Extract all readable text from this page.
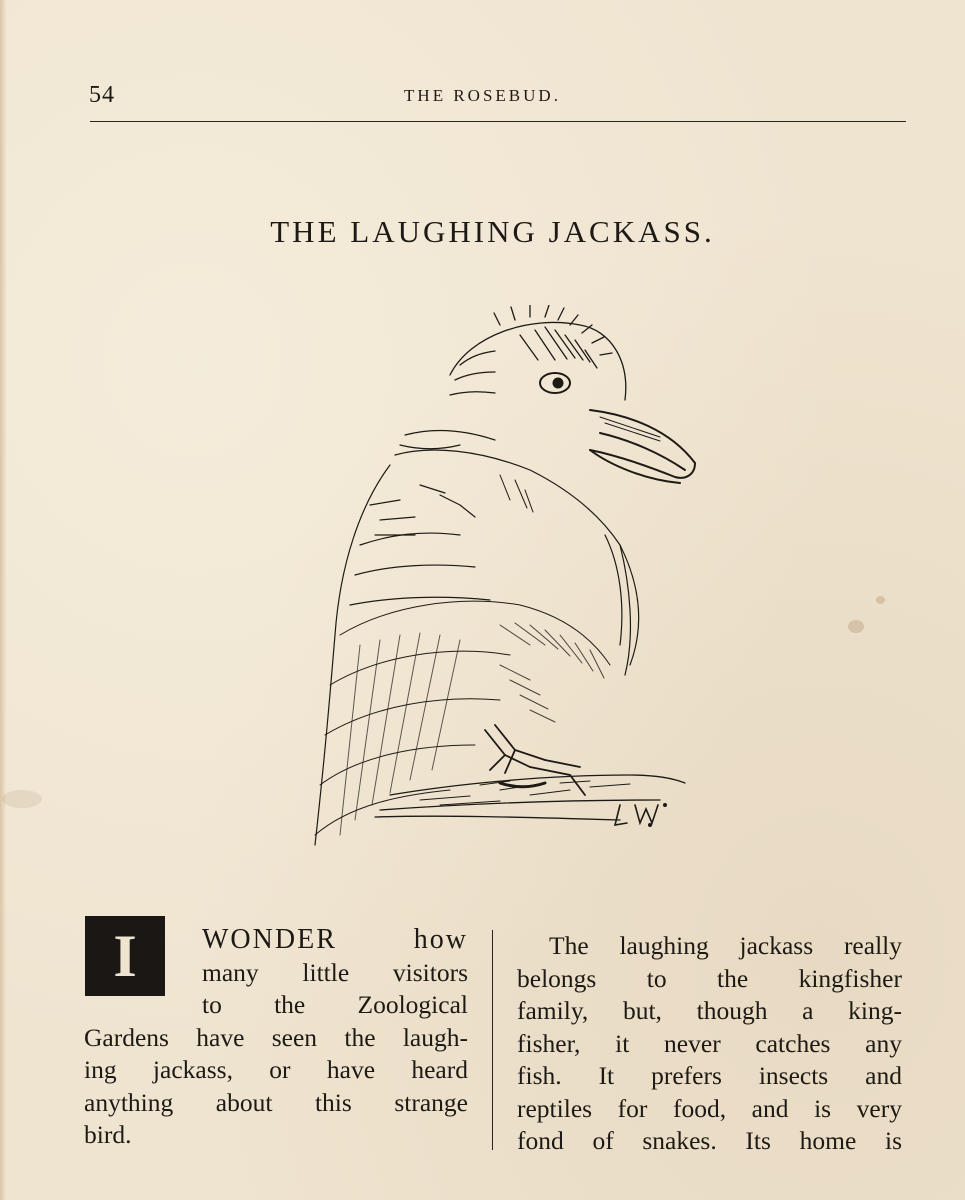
54	THE ROSEBUD.
THE LAUGHING JACKASS.
I	WONDER how
many little visitors
to the Zoological
Gardens have seen the laugh-
ing jackass, or have heard
anything about this strange
bird.
The laughing jackass really
belongs to the kingfisher
family, but, though a king-
fisher, it never catches any
fish. It prefers insects and
reptiles for food, and is very
fond of snakes. Its home is
